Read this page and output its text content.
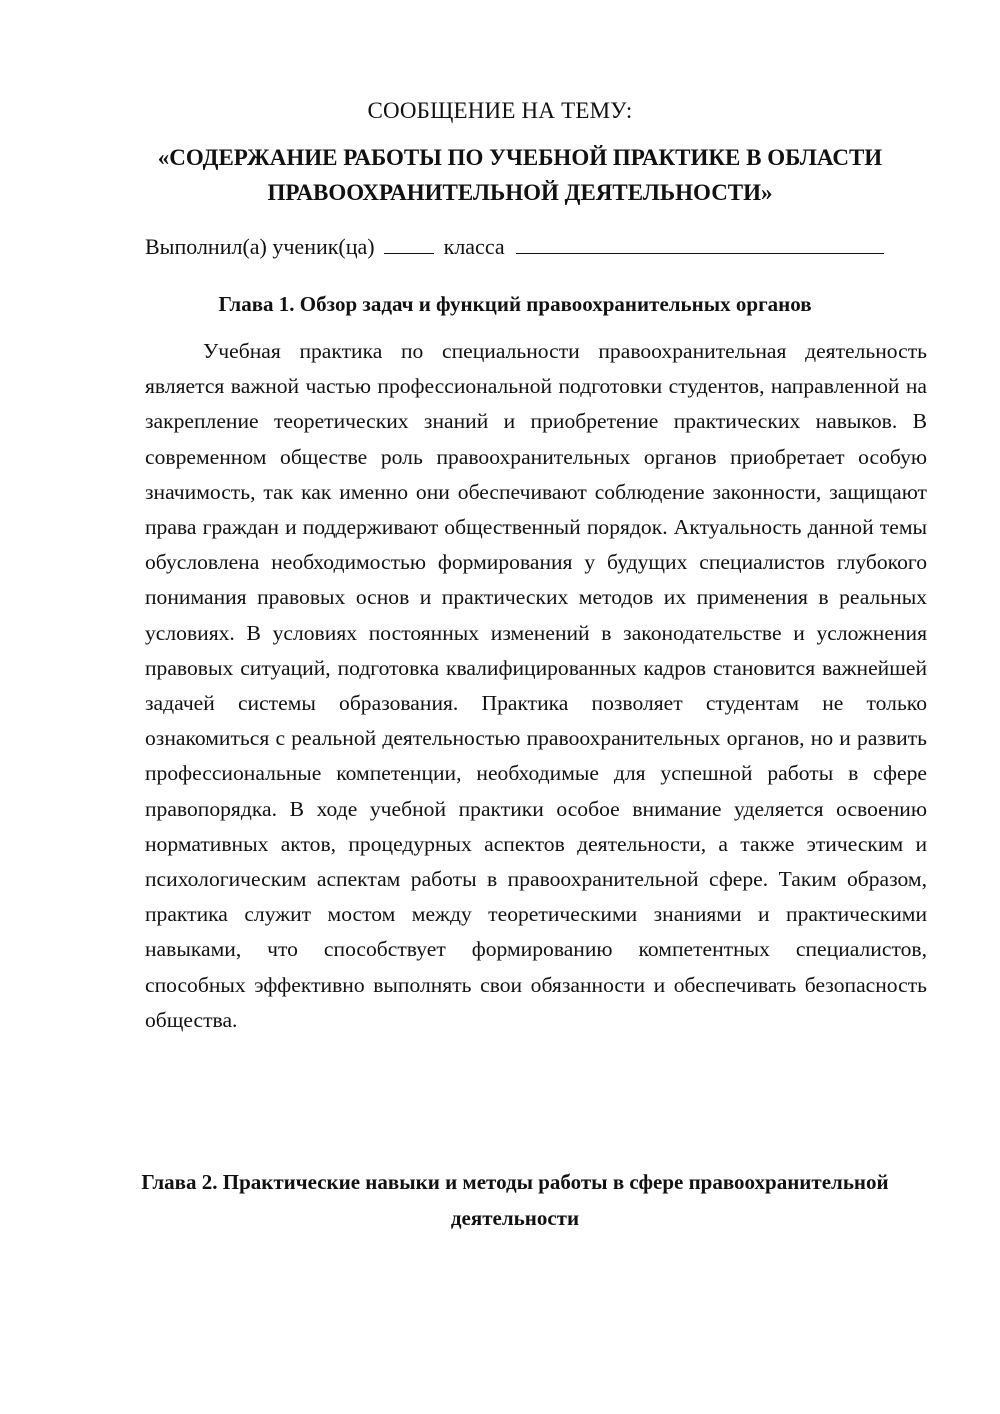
СООБЩЕНИЕ НА ТЕМУ:
«СОДЕРЖАНИЕ РАБОТЫ ПО УЧЕБНОЙ ПРАКТИКЕ В ОБЛАСТИ ПРАВООХРАНИТЕЛЬНОЙ ДЕЯТЕЛЬНОСТИ»
Выполнил(а) ученик(ца)	класса
Глава 1. Обзор задач и функций правоохранительных органов

Учебная практика по специальности правоохранительная деятельность является важной частью профессиональной подготовки студентов, направленной на закрепление теоретических знаний и приобретение практических навыков. В современном обществе роль правоохранительных органов приобретает особую значимость, так как именно они обеспечивают соблюдение законности, защищают права граждан и поддерживают общественный порядок. Актуальность данной темы обусловлена необходимостью формирования у будущих специалистов глубокого понимания правовых основ и практических методов их применения в реальных условиях. В условиях постоянных изменений в законодательстве и усложнения правовых ситуаций, подготовка квалифицированных кадров становится важнейшей задачей системы образования. Практика позволяет студентам не только ознакомиться с реальной деятельностью правоохранительных органов, но и развить профессиональные компетенции, необходимые для успешной работы в сфере правопорядка. В ходе учебной практики особое внимание уделяется освоению нормативных актов, процедурных аспектов деятельности, а также этическим и психологическим аспектам работы в правоохранительной сфере. Таким образом, практика служит мостом между теоретическими знаниями и практическими навыками, что способствует формированию компетентных специалистов, способных эффективно выполнять свои обязанности и обеспечивать безопасность общества.

Глава 2. Практические навыки и методы работы в сфере правоохранительной деятельности
